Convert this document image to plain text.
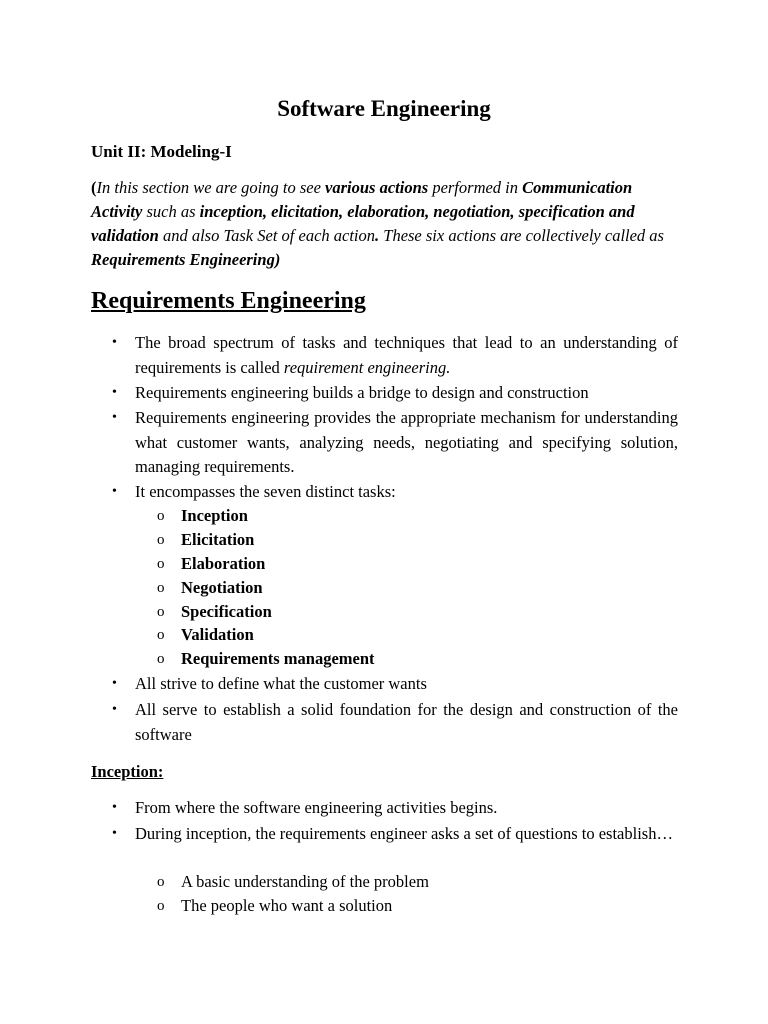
Software Engineering
Unit II: Modeling-I

(In this section we are going to see various actions performed in Communication Activity such as inception, elicitation, elaboration, negotiation, specification and validation and also Task Set of each action. These six actions are collectively called as Requirements Engineering)

Requirements Engineering
• The broad spectrum of tasks and techniques that lead to an understanding of requirements is called requirement engineering.
• Requirements engineering builds a bridge to design and construction
• Requirements engineering provides the appropriate mechanism for understanding what customer wants, analyzing needs, negotiating and specifying solution, managing requirements.
• It encompasses the seven distinct tasks:
o Inception
o Elicitation
o Elaboration
o Negotiation
o Specification
o Validation
o Requirements management
• All strive to define what the customer wants
• All serve to establish a solid foundation for the design and construction of the software
Inception:
• From where the software engineering activities begins.
• During inception, the requirements engineer asks a set of questions to establish…
o A basic understanding of the problem
o The people who want a solution
